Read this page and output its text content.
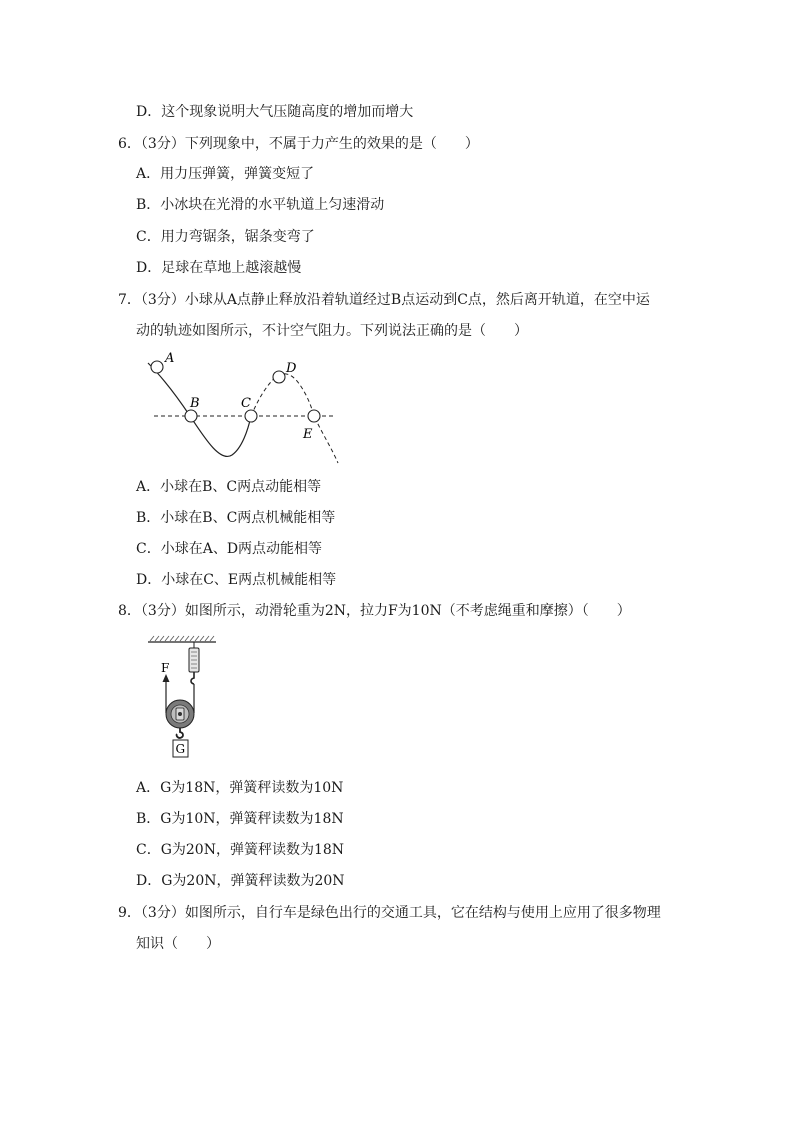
D．这个现象说明大气压随高度的增加而增大
6．（3分）下列现象中，不属于力产生的效果的是（　　）
A．用力压弹簧，弹簧变短了
B．小冰块在光滑的水平轨道上匀速滑动
C．用力弯锯条，锯条变弯了
D．足球在草地上越滚越慢
7．（3分）小球从A点静止释放沿着轨道经过B点运动到C点，然后离开轨道，在空中运
动的轨迹如图所示，不计空气阻力。下列说法正确的是（　　）
A
B	C
D
E
A．小球在B、C两点动能相等
B．小球在B、C两点机械能相等
C．小球在A、D两点动能相等
D．小球在C、E两点机械能相等
8．（3分）如图所示，动滑轮重为2N，拉力F为10N（不考虑绳重和摩擦）（　　）
F
G
A．G为18N，弹簧秤读数为10N
B．G为10N，弹簧秤读数为18N
C．G为20N，弹簧秤读数为18N
D．G为20N，弹簧秤读数为20N
9．（3分）如图所示，自行车是绿色出行的交通工具，它在结构与使用上应用了很多物理
知识（　　）
